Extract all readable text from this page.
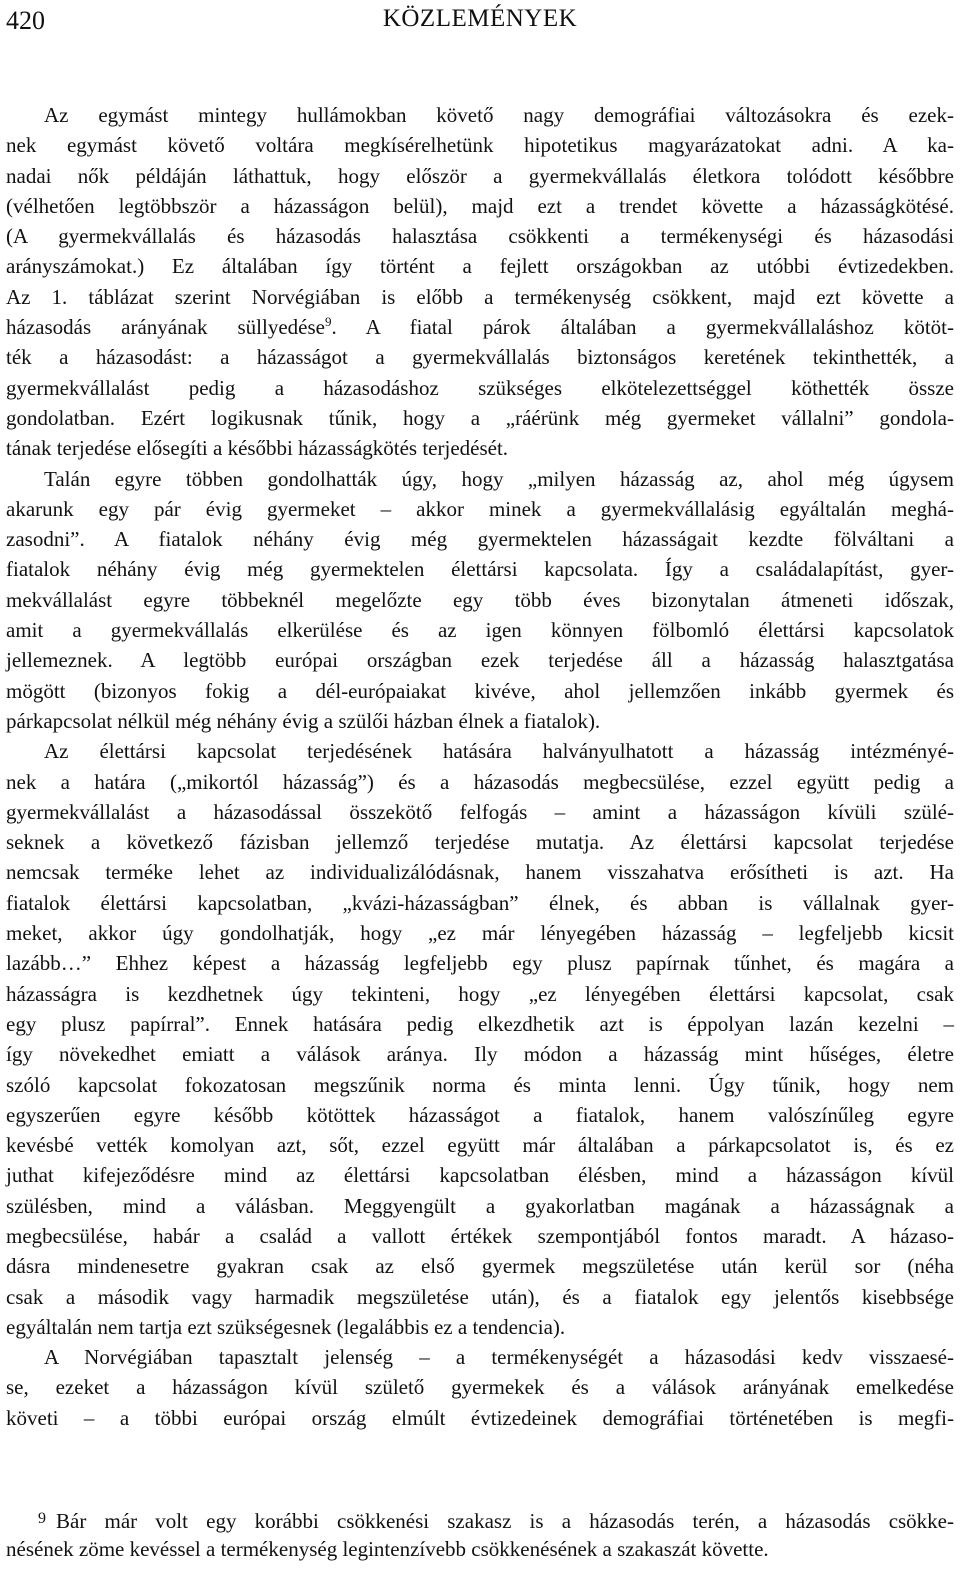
420	KÖZLEMÉNYEK
Az egymást mintegy hullámokban követő nagy demográfiai változásokra és ezek-
nek egymást követő voltára megkísérelhetünk hipotetikus magyarázatokat adni. A ka-
nadai nők példáján láthattuk, hogy először a gyermekvállalás életkora tolódott későbbre
(vélhetően legtöbbször a házasságon belül), majd ezt a trendet követte a házasságkötésé.
(A gyermekvállalás és házasodás halasztása csökkenti a termékenységi és házasodási
arányszámokat.) Ez általában így történt a fejlett országokban az utóbbi évtizedekben.
Az 1. táblázat szerint Norvégiában is előbb a termékenység csökkent, majd ezt követte a
házasodás arányának süllyedése$^9$. A fiatal párok általában a gyermekvállaláshoz kötöt-
ték a házasodást: a házasságot a gyermekvállalás biztonságos keretének tekinthették, a
gyermekvállalást pedig a házasodáshoz szükséges elkötelezettséggel köthették össze
gondolatban. Ezért logikusnak tűnik, hogy a „ráérünk még gyermeket vállalni” gondola-
tának terjedése elősegíti a későbbi házasságkötés terjedését.
Talán egyre többen gondolhatták úgy, hogy „milyen házasság az, ahol még úgysem
akarunk egy pár évig gyermeket – akkor minek a gyermekvállalásig egyáltalán meghá-
zasodni”. A fiatalok néhány évig még gyermektelen házasságait kezdte fölváltani a
fiatalok néhány évig még gyermektelen élettársi kapcsolata. Így a családalapítást, gyer-
mekvállalást egyre többeknél megelőzte egy több éves bizonytalan átmeneti időszak,
amit a gyermekvállalás elkerülése és az igen könnyen fölbomló élettársi kapcsolatok
jellemeznek. A legtöbb európai országban ezek terjedése áll a házasság halasztgatása
mögött (bizonyos fokig a dél-európaiakat kivéve, ahol jellemzően inkább gyermek és
párkapcsolat nélkül még néhány évig a szülői házban élnek a fiatalok).
Az élettársi kapcsolat terjedésének hatására halványulhatott a házasság intézményé-
nek a határa („mikortól házasság”) és a házasodás megbecsülése, ezzel együtt pedig a
gyermekvállalást a házasodással összekötő felfogás – amint a házasságon kívüli szülé-
seknek a következő fázisban jellemző terjedése mutatja. Az élettársi kapcsolat terjedése
nemcsak terméke lehet az individualizálódásnak, hanem visszahatva erősítheti is azt. Ha
fiatalok élettársi kapcsolatban, „kvázi-házasságban” élnek, és abban is vállalnak gyer-
meket, akkor úgy gondolhatják, hogy „ez már lényegében házasság – legfeljebb kicsit
lazább…” Ehhez képest a házasság legfeljebb egy plusz papírnak tűnhet, és magára a
házasságra is kezdhetnek úgy tekinteni, hogy „ez lényegében élettársi kapcsolat, csak
egy plusz papírral”. Ennek hatására pedig elkezdhetik azt is éppolyan lazán kezelni –
így növekedhet emiatt a válások aránya. Ily módon a házasság mint hűséges, életre
szóló kapcsolat fokozatosan megszűnik norma és minta lenni. Úgy tűnik, hogy nem
egyszerűen egyre később kötöttek házasságot a fiatalok, hanem valószínűleg egyre
kevésbé vették komolyan azt, sőt, ezzel együtt már általában a párkapcsolatot is, és ez
juthat kifejeződésre mind az élettársi kapcsolatban élésben, mind a házasságon kívül
szülésben, mind a válásban. Meggyengült a gyakorlatban magának a házasságnak a
megbecsülése, habár a család a vallott értékek szempontjából fontos maradt. A házaso-
dásra mindenesetre gyakran csak az első gyermek megszületése után kerül sor (néha
csak a második vagy harmadik megszületése után), és a fiatalok egy jelentős kisebbsége
egyáltalán nem tartja ezt szükségesnek (legalábbis ez a tendencia).
A Norvégiában tapasztalt jelenség – a termékenységét a házasodási kedv visszaesé-
se, ezeket a házasságon kívül születő gyermekek és a válások arányának emelkedése
követi – a többi európai ország elmúlt évtizedeinek demográfiai történetében is megfi-
$^9$ Bár már volt egy korábbi csökkenési szakasz is a házasodás terén, a házasodás csökke-
nésének zöme kevéssel a termékenység legintenzívebb csökkenésének a szakaszát követte.
